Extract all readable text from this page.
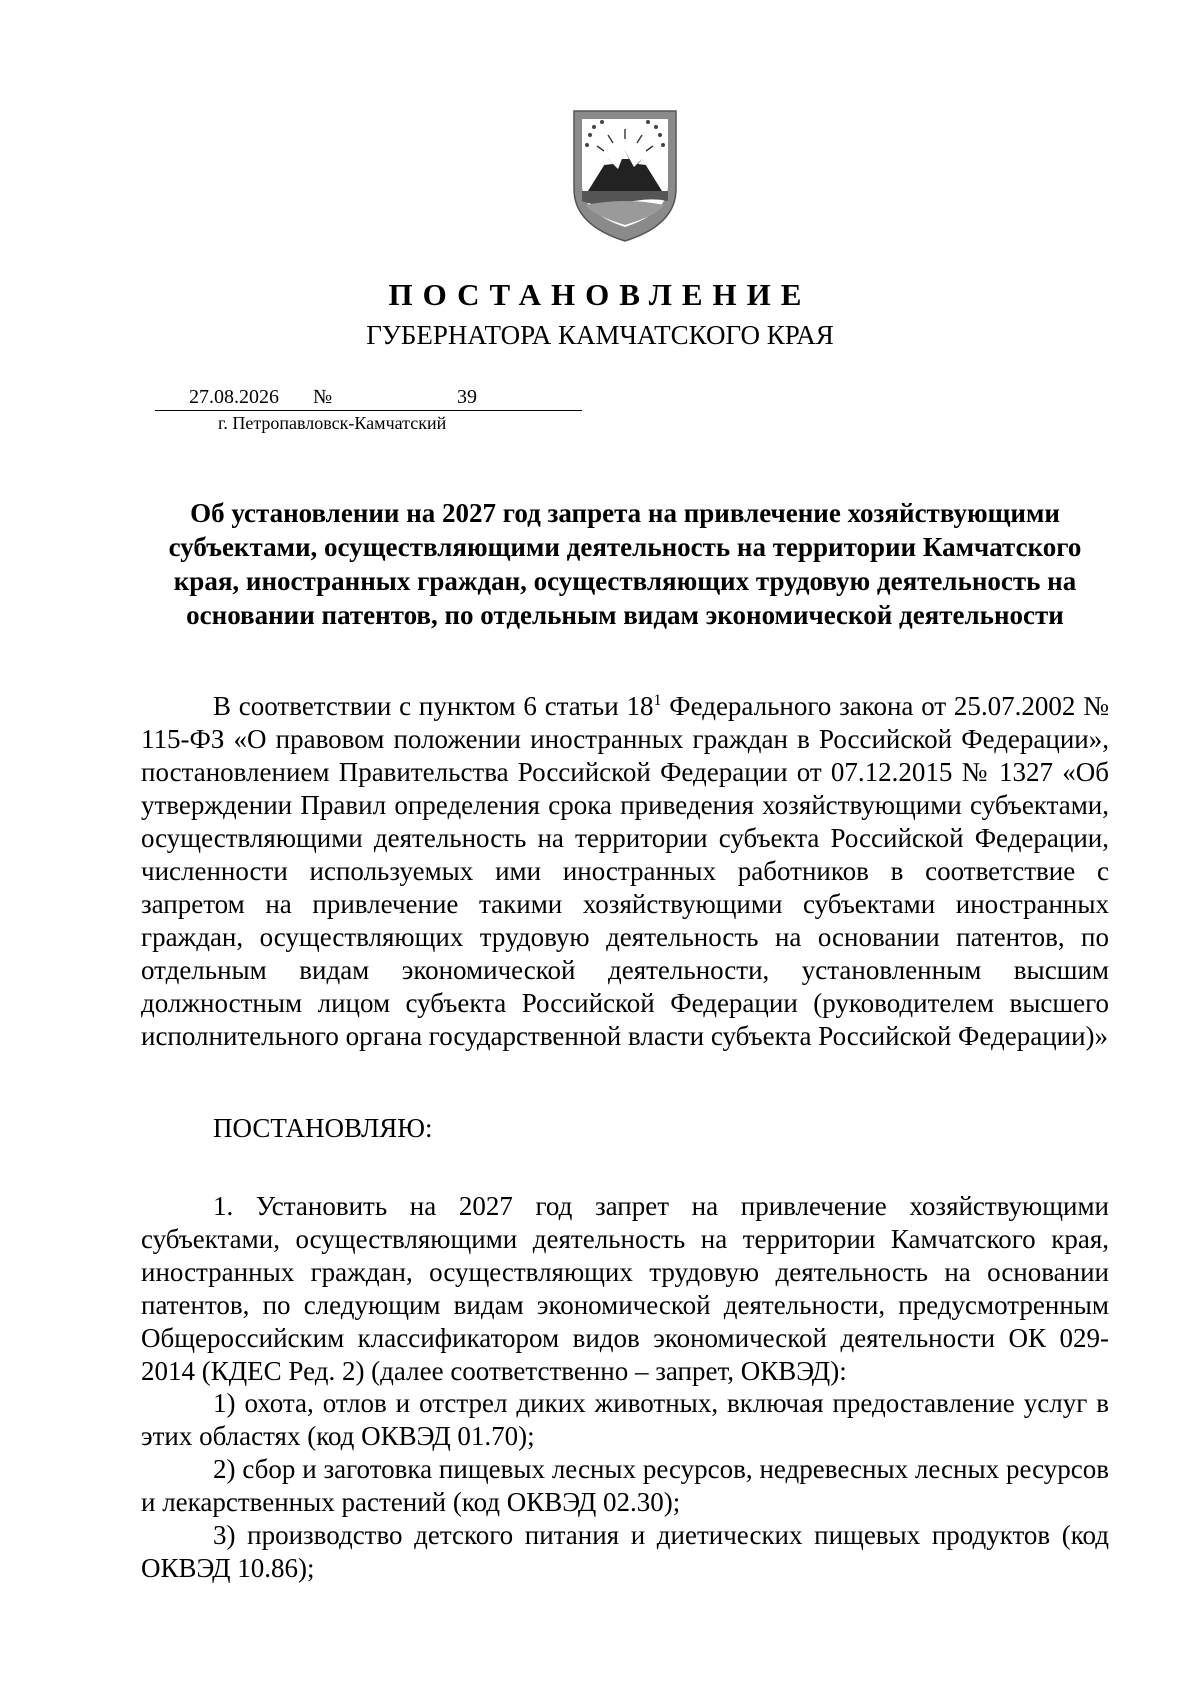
ПОСТАНОВЛЕНИЕ
ГУБЕРНАТОРА КАМЧАТСКОГО КРАЯ
27.08.2026 №	39
г. Петропавловск-Камчатский
Об установлении на 2027 год запрета на привлечение хозяйствующими субъектами, осуществляющими деятельность на территории Камчатского края, иностранных граждан, осуществляющих трудовую деятельность на основании патентов, по отдельным видам экономической деятельности
В соответствии с пунктом 6 статьи $18^1$ Федерального закона от 25.07.2002 № 115-ФЗ «О правовом положении иностранных граждан в Российской Федерации», постановлением Правительства Российской Федерации от 07.12.2015 № 1327 «Об утверждении Правил определения срока приведения хозяйствующими субъектами, осуществляющими деятельность на территории субъекта Российской Федерации, численности используемых ими иностранных работников в соответствие с запретом на привлечение такими хозяйствующими субъектами иностранных граждан, осуществляющих трудовую деятельность на основании патентов, по отдельным видам экономической деятельности, установленным высшим должностным лицом субъекта Российской Федерации (руководителем высшего исполнительного органа государственной власти субъекта Российской Федерации)»
ПОСТАНОВЛЯЮ:
1. Установить на 2027 год запрет на привлечение хозяйствующими субъектами, осуществляющими деятельность на территории Камчатского края, иностранных граждан, осуществляющих трудовую деятельность на основании патентов, по следующим видам экономической деятельности, предусмотренным Общероссийским классификатором видов экономической деятельности ОК 029-2014 (КДЕС Ред. 2) (далее соответственно – запрет, ОКВЭД):

1) охота, отлов и отстрел диких животных, включая предоставление услуг в этих областях (код ОКВЭД 01.70);

2) сбор и заготовка пищевых лесных ресурсов, недревесных лесных ресурсов и лекарственных растений (код ОКВЭД 02.30);

3) производство детского питания и диетических пищевых продуктов (код ОКВЭД 10.86);
